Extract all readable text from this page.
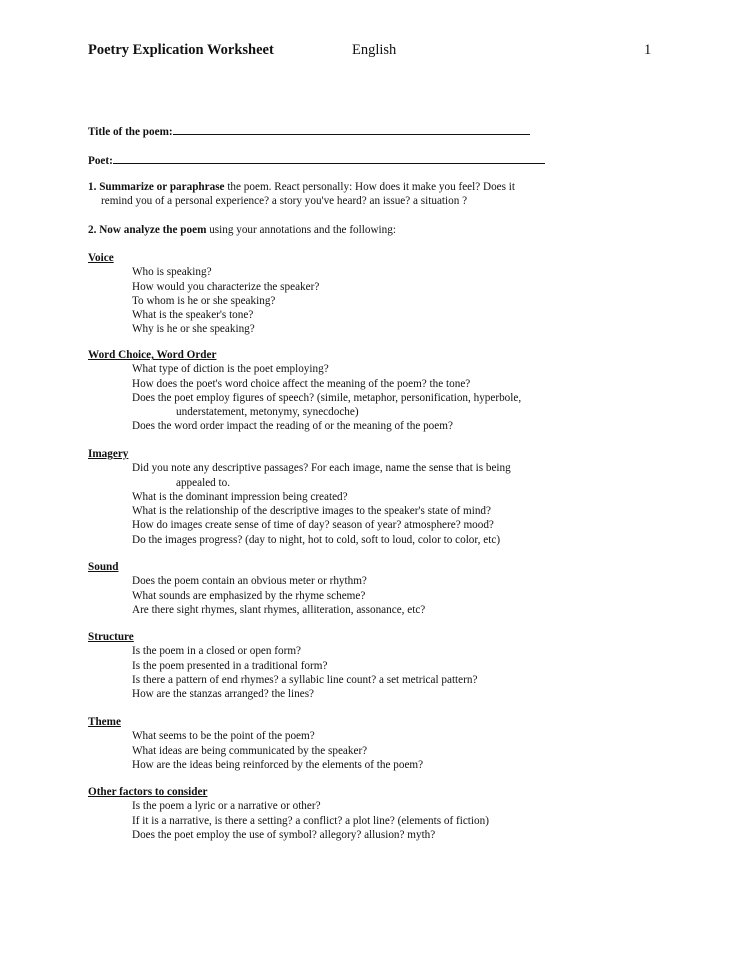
Poetry Explication Worksheet	English	1
Title of the poem:
Poet:
1. Summarize or paraphrase the poem. React personally: How does it make you feel? Does it
remind you of a personal experience? a story you've heard? an issue? a situation ?
2. Now analyze the poem using your annotations and the following:
Voice
Who is speaking?
How would you characterize the speaker?
To whom is he or she speaking?
What is the speaker's tone?
Why is he or she speaking?
Word Choice, Word Order
What type of diction is the poet employing?
How does the poet's word choice affect the meaning of the poem? the tone?
Does the poet employ figures of speech? (simile, metaphor, personification, hyperbole,
understatement, metonymy, synecdoche)
Does the word order impact the reading of or the meaning of the poem?
Imagery
Did you note any descriptive passages? For each image, name the sense that is being
appealed to.
What is the dominant impression being created?
What is the relationship of the descriptive images to the speaker's state of mind?
How do images create sense of time of day? season of year? atmosphere? mood?
Do the images progress? (day to night, hot to cold, soft to loud, color to color, etc)
Sound
Does the poem contain an obvious meter or rhythm?
What sounds are emphasized by the rhyme scheme?
Are there sight rhymes, slant rhymes, alliteration, assonance, etc?
Structure
Is the poem in a closed or open form?
Is the poem presented in a traditional form?
Is there a pattern of end rhymes? a syllabic line count? a set metrical pattern?
How are the stanzas arranged? the lines?
Theme
What seems to be the point of the poem?
What ideas are being communicated by the speaker?
How are the ideas being reinforced by the elements of the poem?
Other factors to consider
Is the poem a lyric or a narrative or other?
If it is a narrative, is there a setting? a conflict? a plot line? (elements of fiction)
Does the poet employ the use of symbol? allegory? allusion? myth?
